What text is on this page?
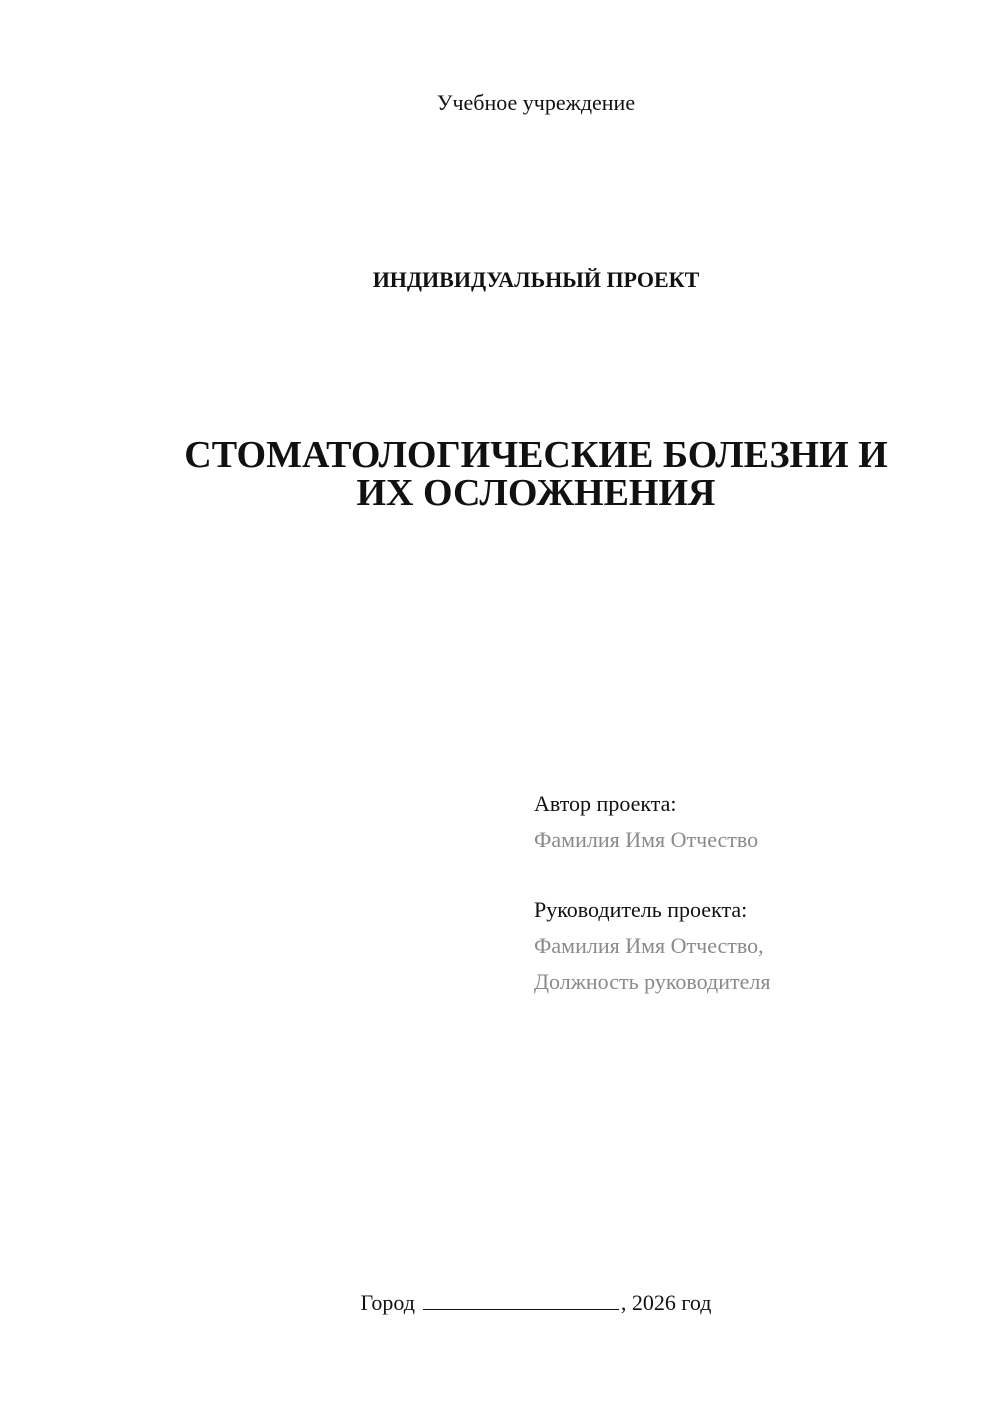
Учебное учреждение
ИНДИВИДУАЛЬНЫЙ ПРОЕКТ
СТОМАТОЛОГИЧЕСКИЕ БОЛЕЗНИ И
ИХ ОСЛОЖНЕНИЯ
Автор проекта:
Фамилия Имя Отчество
Руководитель проекта:
Фамилия Имя Отчество,
Должность руководителя
Город	, 2026 год
